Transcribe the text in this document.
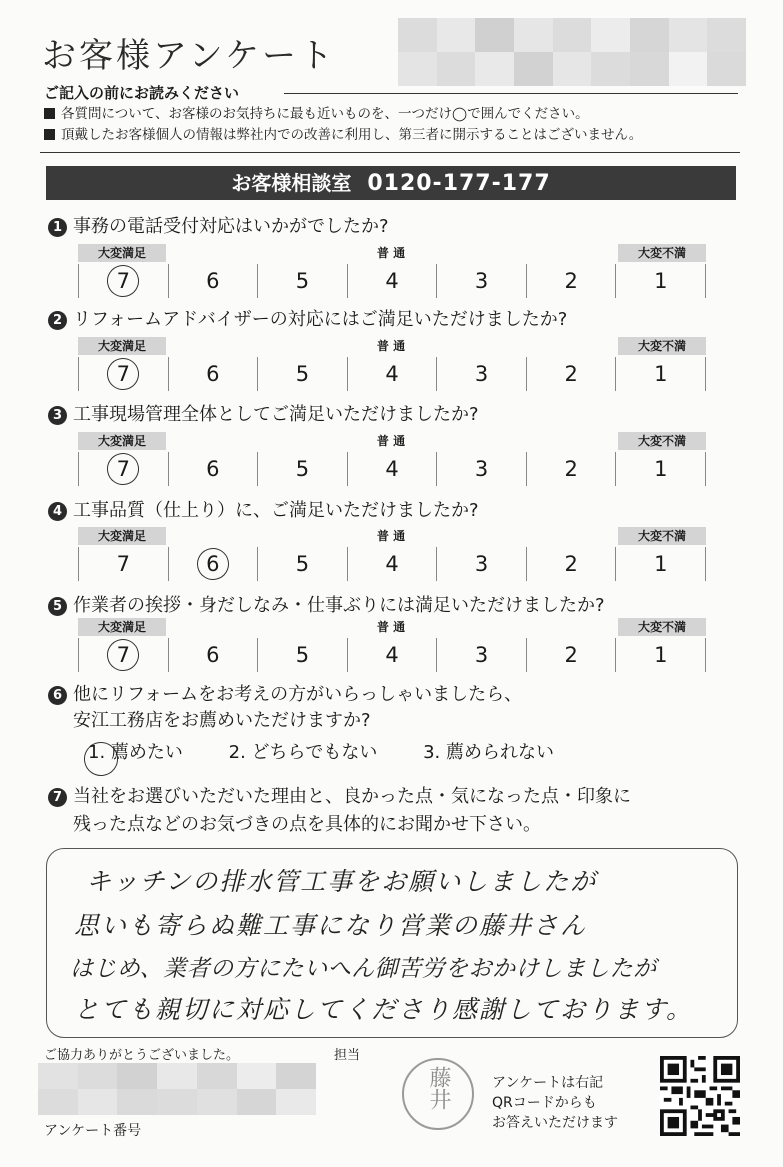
お客様アンケート
ご記入の前にお読みください
各質問について、お客様のお気持ちに最も近いものを、一つだけ◯で囲んでください。
頂戴したお客様個人の情報は弊社内での改善に利用し、第三者に開示することはございません。
お客様相談室 0120-177-177
1 事務の電話受付対応はいかがでしたか?
大変満足	普 通	大変不満
7	6	5	4	3	2	1
2 リフォームアドバイザーの対応にはご満足いただけましたか?
大変満足	普 通	大変不満
7	6	5	4	3	2	1
3 工事現場管理全体としてご満足いただけましたか?
大変満足	普 通	大変不満
7	6	5	4	3	2	1
4 工事品質（仕上り）に、ご満足いただけましたか?
大変満足	普 通	大変不満
7	6	5	4	3	2	1
5 作業者の挨拶・身だしなみ・仕事ぶりには満足いただけましたか?
大変満足	普 通	大変不満
7	6	5	4	3	2	1
6 他にリフォームをお考えの方がいらっしゃいましたら、
安江工務店をお薦めいただけますか?
1. 薦めたい	2. どちらでもない	3. 薦められない
7 当社をお選びいただいた理由と、良かった点・気になった点・印象に
残った点などのお気づきの点を具体的にお聞かせ下さい。
キッチンの排水管工事をお願いしましたが
思いも寄らぬ難工事になり営業の藤井さん
はじめ、業者の方にたいへん御苦労をおかけしましたが
とても親切に対応してくださり感謝しております。
ご協力ありがとうございました。	担当
藤井	アンケートは右記
QRコードからも
お答えいただけます
アンケート番号
